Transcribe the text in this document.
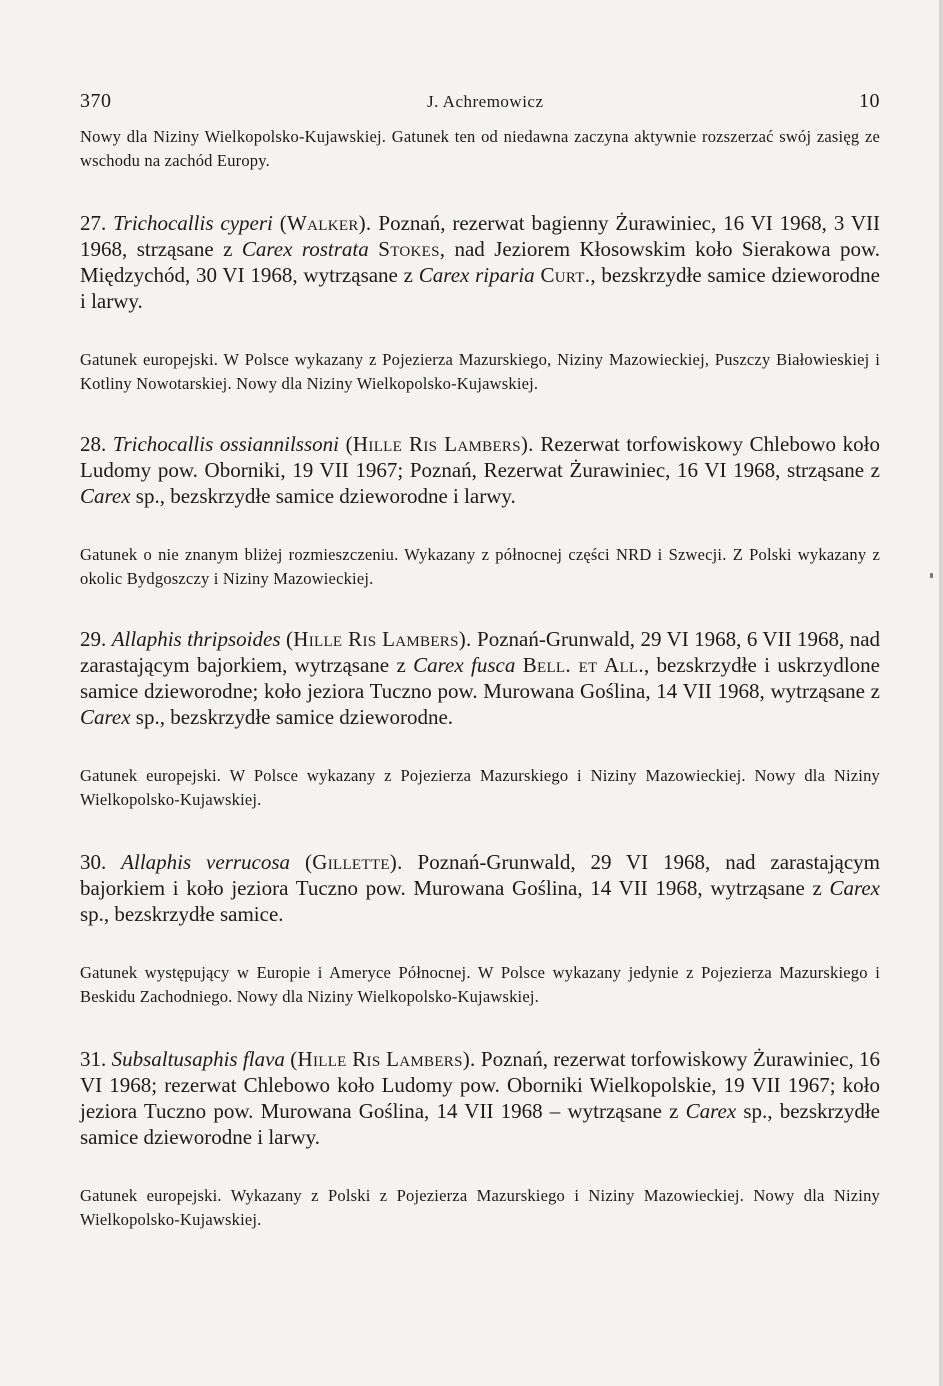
370	J. Achremowicz	10

Nowy dla Niziny Wielkopolsko-Kujawskiej. Gatunek ten od niedawna zaczyna aktywnie rozszerzać swój zasięg ze wschodu na zachód Europy.

27. Trichocallis cyperi (Walker). Poznań, rezerwat bagienny Żurawiniec, 16 VI 1968, 3 VII 1968, strząsane z Carex rostrata Stokes, nad Jeziorem Kłosowskim koło Sierakowa pow. Międzychód, 30 VI 1968, wytrząsane z Carex riparia Curt., bezskrzydłe samice dzieworodne i larwy.

Gatunek europejski. W Polsce wykazany z Pojezierza Mazurskiego, Niziny Mazowieckiej, Puszczy Białowieskiej i Kotliny Nowotarskiej. Nowy dla Niziny Wielkopolsko-Kujawskiej.

28. Trichocallis ossiannilssoni (Hille Ris Lambers). Rezerwat torfowiskowy Chlebowo koło Ludomy pow. Oborniki, 19 VII 1967; Poznań, Rezerwat Żurawiniec, 16 VI 1968, strząsane z Carex sp., bezskrzydłe samice dzieworodne i larwy.

Gatunek o nie znanym bliżej rozmieszczeniu. Wykazany z północnej części NRD i Szwecji. Z Polski wykazany z okolic Bydgoszczy i Niziny Mazowieckiej.

29. Allaphis thripsoides (Hille Ris Lambers). Poznań-Grunwald, 29 VI 1968, 6 VII 1968, nad zarastającym bajorkiem, wytrząsane z Carex fusca Bell. et All., bezskrzydłe i uskrzydlone samice dzieworodne; koło jeziora Tuczno pow. Murowana Goślina, 14 VII 1968, wytrząsane z Carex sp., bezskrzydłe samice dzieworodne.

Gatunek europejski. W Polsce wykazany z Pojezierza Mazurskiego i Niziny Mazowieckiej. Nowy dla Niziny Wielkopolsko-Kujawskiej.

30. Allaphis verrucosa (Gillette). Poznań-Grunwald, 29 VI 1968, nad zarastającym bajorkiem i koło jeziora Tuczno pow. Murowana Goślina, 14 VII 1968, wytrząsane z Carex sp., bezskrzydłe samice.

Gatunek występujący w Europie i Ameryce Północnej. W Polsce wykazany jedynie z Pojezierza Mazurskiego i Beskidu Zachodniego. Nowy dla Niziny Wielkopolsko-Kujawskiej.

31. Subsaltusaphis flava (Hille Ris Lambers). Poznań, rezerwat torfowiskowy Żurawiniec, 16 VI 1968; rezerwat Chlebowo koło Ludomy pow. Oborniki Wielkopolskie, 19 VII 1967; koło jeziora Tuczno pow. Murowana Goślina, 14 VII 1968 – wytrząsane z Carex sp., bezskrzydłe samice dzieworodne i larwy.

Gatunek europejski. Wykazany z Polski z Pojezierza Mazurskiego i Niziny Mazowieckiej. Nowy dla Niziny Wielkopolsko-Kujawskiej.
